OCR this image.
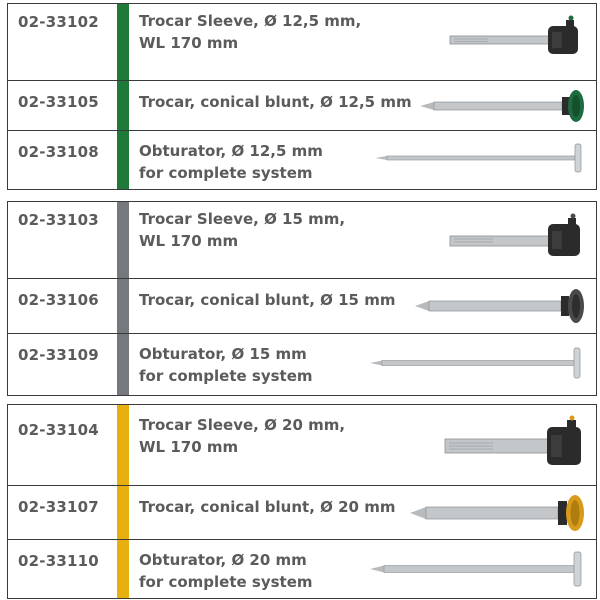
02-33102	Trocar Sleeve, Ø 12,5 mm,
WL 170 mm
02-33105	Trocar, conical blunt, Ø 12,5 mm
02-33108	Obturator, Ø 12,5 mm
for complete system
02-33103	Trocar Sleeve, Ø 15 mm,
WL 170 mm
02-33106	Trocar, conical blunt, Ø 15 mm
02-33109	Obturator, Ø 15 mm
for complete system
02-33104	Trocar Sleeve, Ø 20 mm,
WL 170 mm
02-33107	Trocar, conical blunt, Ø 20 mm
02-33110	Obturator, Ø 20 mm
for complete system
